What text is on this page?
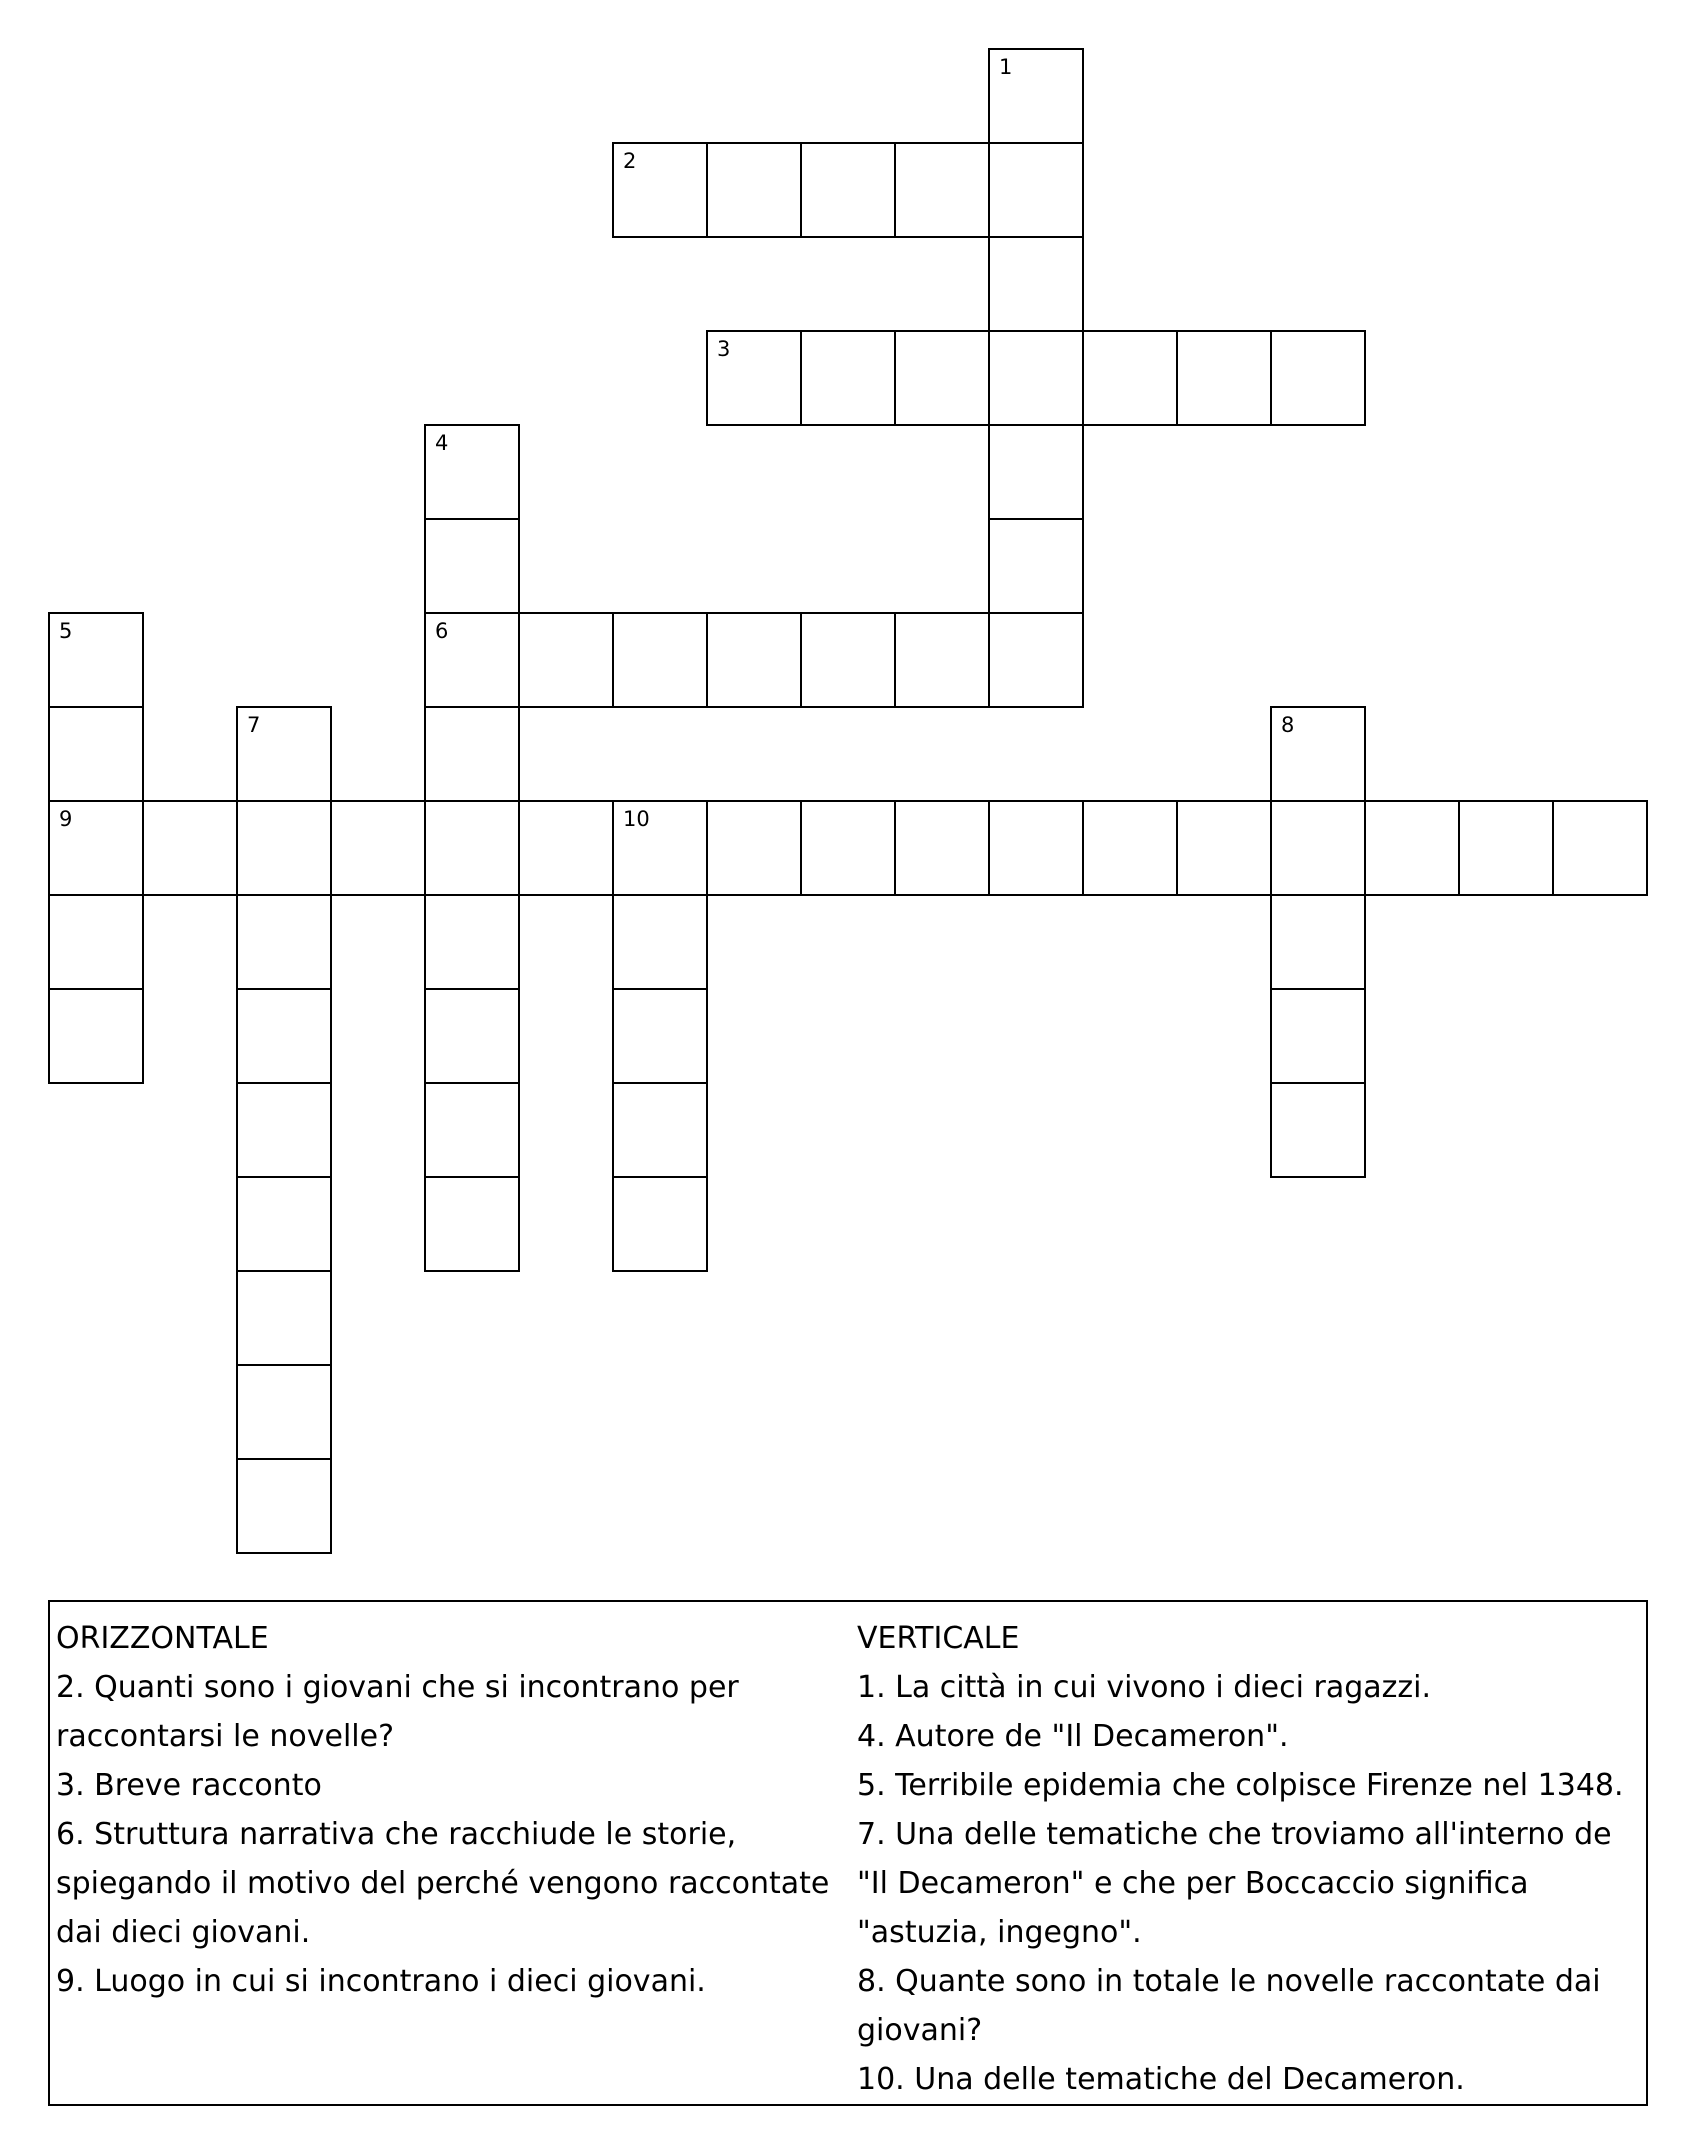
1
2
3
4
6
5
9
7	8
10
ORIZZONTALE
2. Quanti sono i giovani che si incontrano per raccontarsi le novelle?
3. Breve racconto
6. Struttura narrativa che racchiude le storie, spiegando il motivo del perché vengono raccontate dai dieci giovani.
9. Luogo in cui si incontrano i dieci giovani.
VERTICALE
1. La città in cui vivono i dieci ragazzi.
4. Autore de "Il Decameron".
5. Terribile epidemia che colpisce Firenze nel 1348.
7. Una delle tematiche che troviamo all'interno de "Il Decameron" e che per Boccaccio significa "astuzia, ingegno".
8. Quante sono in totale le novelle raccontate dai giovani?
10. Una delle tematiche del Decameron.
